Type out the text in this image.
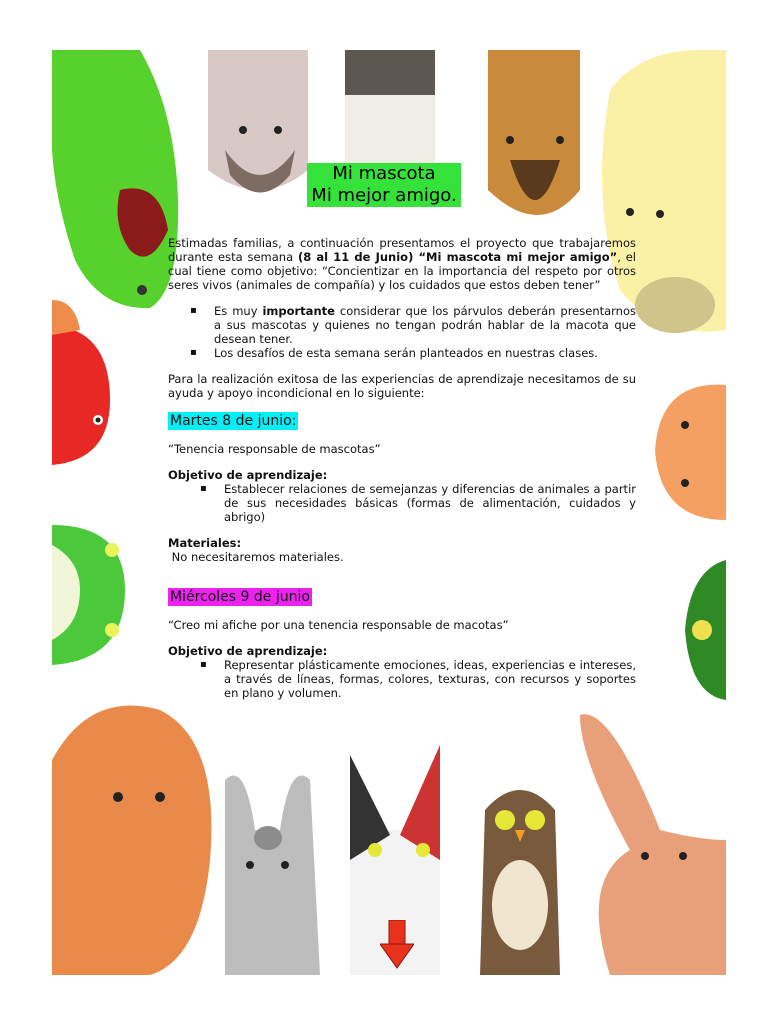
Mi mascota
Mi mejor amigo.

Estimadas familias, a continuación presentamos el proyecto que trabajaremos durante esta semana (8 al 11 de Junio) “Mi mascota mi mejor amigo”, el cual tiene como objetivo: “Concientizar en la importancia del respeto por otros seres vivos (animales de compañía) y los cuidados que estos deben tener”

▪ Es muy importante considerar que los párvulos deberán presentarnos a sus mascotas y quienes no tengan podrán hablar de la macota que desean tener.
▪ Los desafíos de esta semana serán planteados en nuestras clases.

Para la realización exitosa de las experiencias de aprendizaje necesitamos de su ayuda y apoyo incondicional en lo siguiente:

Martes 8 de junio:

“Tenencia responsable de mascotas”

Objetivo de aprendizaje:

▪ Establecer relaciones de semejanzas y diferencias de animales a partir de sus necesidades básicas (formas de alimentación, cuidados y abrigo)

Materiales:

No necesitaremos materiales.

Miércoles 9 de junio

“Creo mi afiche por una tenencia responsable de macotas”

Objetivo de aprendizaje:

▪ Representar plásticamente emociones, ideas, experiencias e intereses, a través de líneas, formas, colores, texturas, con recursos y soportes en plano y volumen.
